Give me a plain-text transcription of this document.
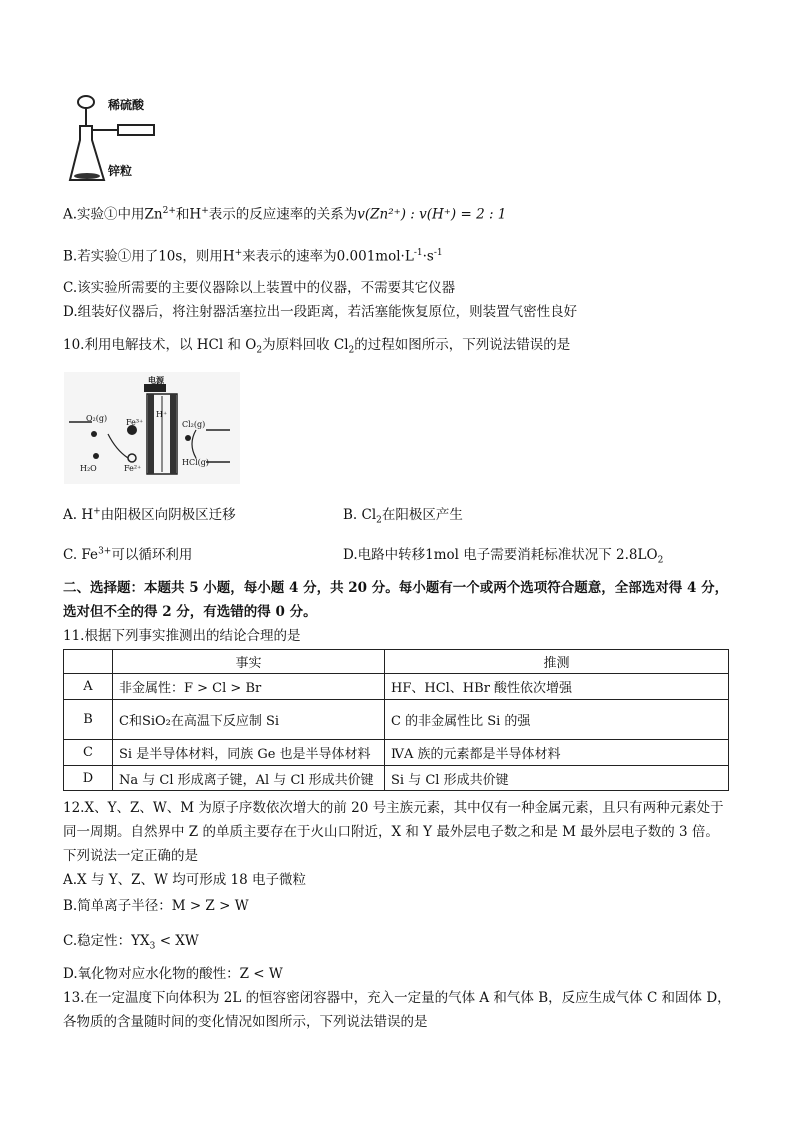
稀硫酸
锌粒
A.实验①中用$Zn^{2+}$和H+表示的反应速率的关系为v(Zn²⁺) : v(H⁺) = 2 : 1
B.若实验①用了10s，则用H+来表示的速率为$0.001mol\cdot L^{-1}\cdot s^{-1}$
C.该实验所需要的主要仪器除以上装置中的仪器，不需要其它仪器
D.组装好仪器后，将注射器活塞拉出一段距离，若活塞能恢复原位，则装置气密性良好
10.利用电解技术，以 HCl 和 $O_2$为原料回收 $Cl_2$的过程如图所示，下列说法错误的是
电源
O₂(g) Fe³⁺
H₂O	Fe²⁺
H⁺
Cl₂(g)
HCl(g)
A. H+由阳极区向阴极区迁移	B. $Cl_2$在阳极区产生
C. $Fe^{3+}$可以循环利用	D.电路中转移1mol 电子需要消耗标准状况下 $2.8LO_2$
二、选择题：本题共 5 小题，每小题 4 分，共 20 分。每小题有一个或两个选项符合题意，全部选对得 4 分，
选对但不全的得 2 分，有选错的得 0 分。
11.根据下列事实推测出的结论合理的是
	事实	推测
A	非金属性：F > Cl > Br	HF、HCl、HBr 酸性依次增强
B	C和SiO₂在高温下反应制 Si	C 的非金属性比 Si 的强
C	Si 是半导体材料，同族 Ge 也是半导体材料	ⅣA 族的元素都是半导体材料
D	Na 与 Cl 形成离子键，Al 与 Cl 形成共价键	Si 与 Cl 形成共价键
12.X、Y、Z、W、M 为原子序数依次增大的前 20 号主族元素，其中仅有一种金属元素，且只有两种元素处于
同一周期。自然界中 Z 的单质主要存在于火山口附近，X 和 Y 最外层电子数之和是 M 最外层电子数的 3 倍。
下列说法一定正确的是
A.X 与 Y、Z、W 均可形成 18 电子微粒
B.简单离子半径：M > Z > W
C.稳定性：$YX_3$ < XW
D.氧化物对应水化物的酸性：Z < W
13.在一定温度下向体积为 2L 的恒容密闭容器中，充入一定量的气体 A 和气体 B，反应生成气体 C 和固体 D，
各物质的含量随时间的变化情况如图所示，下列说法错误的是
